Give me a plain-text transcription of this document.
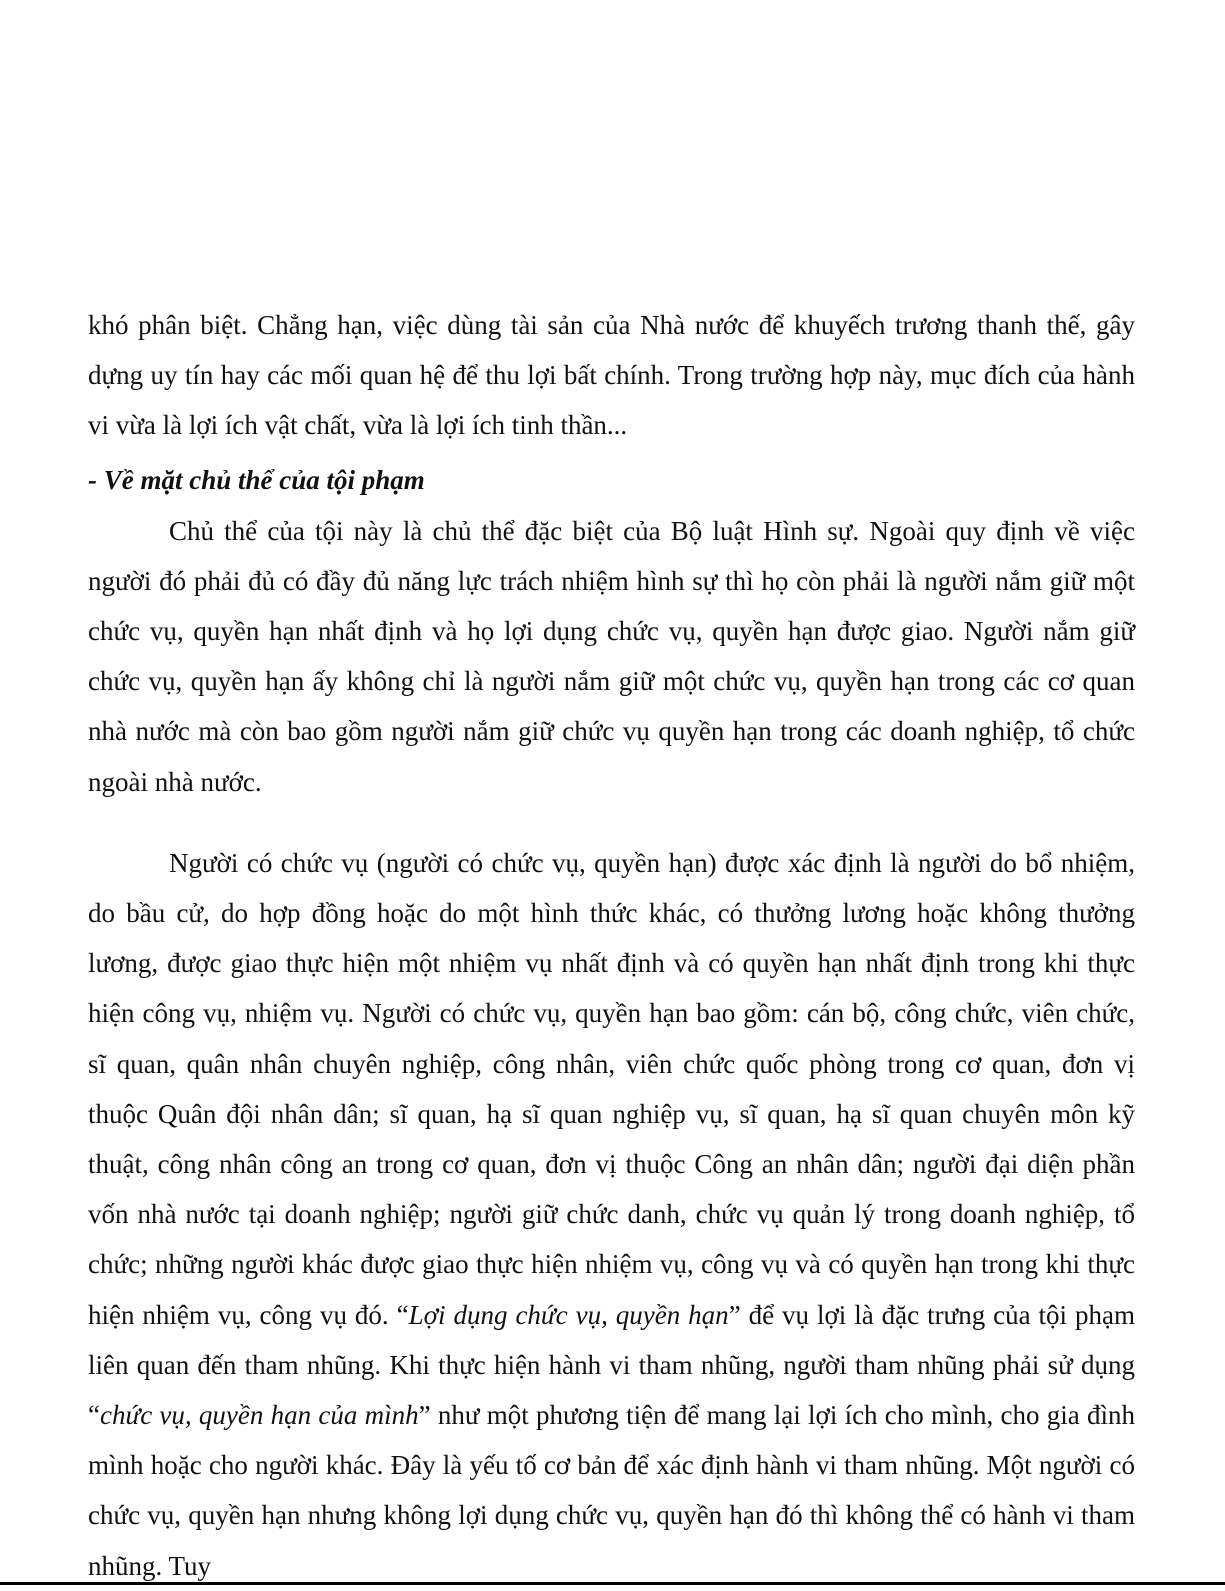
khó phân biệt. Chẳng hạn, việc dùng tài sản của Nhà nước để khuyếch trương thanh thế, gây dựng uy tín hay các mối quan hệ để thu lợi bất chính. Trong trường hợp này, mục đích của hành vi vừa là lợi ích vật chất, vừa là lợi ích tinh thần...

- Về mặt chủ thể của tội phạm

Chủ thể của tội này là chủ thể đặc biệt của Bộ luật Hình sự. Ngoài quy định về việc người đó phải đủ có đầy đủ năng lực trách nhiệm hình sự thì họ còn phải là người nắm giữ một chức vụ, quyền hạn nhất định và họ lợi dụng chức vụ, quyền hạn được giao. Người nắm giữ chức vụ, quyền hạn ấy không chỉ là người nắm giữ một chức vụ, quyền hạn trong các cơ quan nhà nước mà còn bao gồm người nắm giữ chức vụ quyền hạn trong các doanh nghiệp, tổ chức ngoài nhà nước.

Người có chức vụ (người có chức vụ, quyền hạn) được xác định là người do bổ nhiệm, do bầu cử, do hợp đồng hoặc do một hình thức khác, có thưởng lương hoặc không thưởng lương, được giao thực hiện một nhiệm vụ nhất định và có quyền hạn nhất định trong khi thực hiện công vụ, nhiệm vụ. Người có chức vụ, quyền hạn bao gồm: cán bộ, công chức, viên chức, sĩ quan, quân nhân chuyên nghiệp, công nhân, viên chức quốc phòng trong cơ quan, đơn vị thuộc Quân đội nhân dân; sĩ quan, hạ sĩ quan nghiệp vụ, sĩ quan, hạ sĩ quan chuyên môn kỹ thuật, công nhân công an trong cơ quan, đơn vị thuộc Công an nhân dân; người đại diện phần vốn nhà nước tại doanh nghiệp; người giữ chức danh, chức vụ quản lý trong doanh nghiệp, tổ chức; những người khác được giao thực hiện nhiệm vụ, công vụ và có quyền hạn trong khi thực hiện nhiệm vụ, công vụ đó. “Lợi dụng chức vụ, quyền hạn” để vụ lợi là đặc trưng của tội phạm liên quan đến tham nhũng. Khi thực hiện hành vi tham nhũng, người tham nhũng phải sử dụng “chức vụ, quyền hạn của mình” như một phương tiện để mang lại lợi ích cho mình, cho gia đình mình hoặc cho người khác. Đây là yếu tố cơ bản để xác định hành vi tham nhũng. Một người có chức vụ, quyền hạn nhưng không lợi dụng chức vụ, quyền hạn đó thì không thể có hành vi tham nhũng. Tuy
